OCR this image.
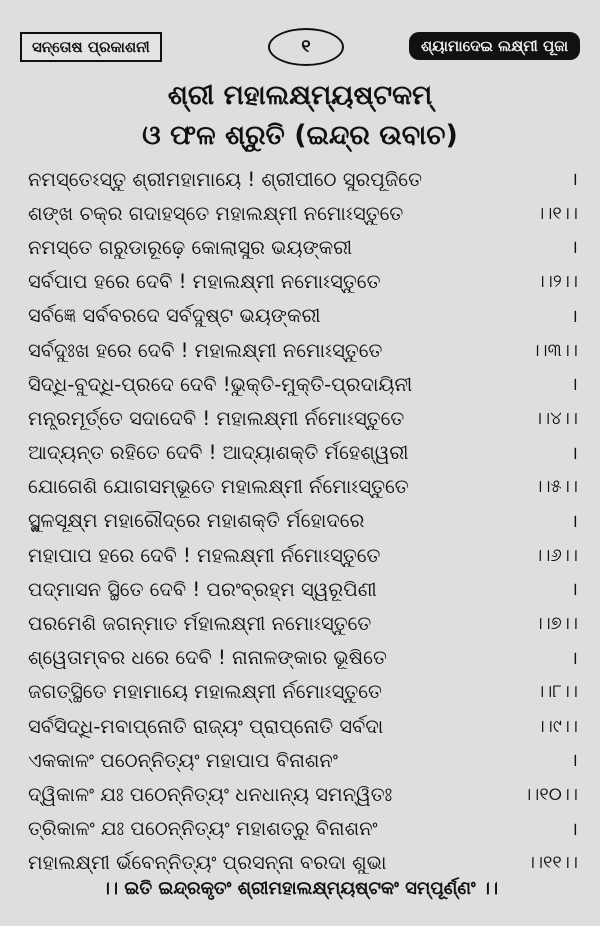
ସନ୍ତୋଷ ପ୍ରକାଶନୀ	୧	ଶ୍ୟାମାଦେଇ ଲକ୍ଷ୍ମୀ ପୂଜା
ଶ୍ରୀ ମହାଲକ୍ଷ୍ମ୍ୟଷ୍ଟକମ୍
ଓ ଫଳ ଶ୍ରୁତି (ଇନ୍ଦ୍ର ଉବାଚ)
ନମସ୍ତେଽସ୍ତୁ ଶ୍ରୀମହାମାୟେ ! ଶ୍ରୀପୀଠେ ସୁରପୂଜିତେ	।
ଶଙ୍ଖ ଚକ୍ର ଗଦାହସ୍ତେ ମହାଲକ୍ଷ୍ମୀ ନମୋଽସ୍ତୁତେ	।।୧।।
ନମସ୍ତେ ଗରୁଡାରୂଢ଼େ କୋଲାସୁର ଭୟଙ୍କରୀ	।
ସର୍ବପାପ ହରେ ଦେବି ! ମହାଲକ୍ଷ୍ମୀ ନମୋଽସ୍ତୁତେ	।।୨।।
ସର୍ବଜ୍ଞେ ସର୍ବବରଦେ ସର୍ବଦୁଷ୍ଟ ଭୟଙ୍କରୀ	।
ସର୍ବଦୁଃଖ ହରେ ଦେବି ! ମହାଲକ୍ଷ୍ମୀ ନମୋଽସ୍ତୁତେ	।।୩।।
ସିଦ୍ଧି-ବୁଦ୍ଧି-ପ୍ରଦେ ଦେବି !ଭୁକ୍ତି-ମୁକ୍ତି-ପ୍ରଦାୟିନୀ	।
ମନ୍ତ୍ରମୂର୍ତ୍ତେ ସଦାଦେବି ! ମହାଲକ୍ଷ୍ମୀ ର୍ନମୋଽସ୍ତୁତେ	।।୪।।
ଆଦ୍ୟନ୍ତ ରହିତେ ଦେବି ! ଆଦ୍ୟାଶକ୍ତି ର୍ମହେଶ୍ୱରୀ	।
ଯୋଗେଶି ଯୋଗସମ୍ଭୂତେ ମହାଲକ୍ଷ୍ମୀ ର୍ନମୋଽସ୍ତୁତେ	।।୫।।
ସ୍ଥୁଳସୂକ୍ଷ୍ମ ମହାରୌଦ୍ରେ ମହାଶକ୍ତି ର୍ମହୋଦରେ	।
ମହାପାପ ହରେ ଦେବି ! ମହଲକ୍ଷ୍ମୀ ର୍ନମୋଽସ୍ତୁତେ	।।୬।।
ପଦ୍ମାସନ ସ୍ଥିତେ ଦେବି ! ପରଂବ୍ରହ୍ମ ସ୍ୱରୂପିଣୀ	।
ପରମେଶି ଜଗନ୍ମାତ ର୍ମହାଲକ୍ଷ୍ମୀ ନମୋଽସ୍ତୁତେ	।।୭।।
ଶ୍ୱେତାମ୍ବର ଧରେ ଦେବି ! ନାନାଳଙ୍କାର ଭୂଷିତେ	।
ଜଗତ୍‌ସ୍ଥିତେ ମହାମାୟେ ମହାଲକ୍ଷ୍ମୀ ର୍ନମୋଽସ୍ତୁତେ	।।୮।।
ସର୍ବସିଦ୍ଧି-ମବାପ୍ନୋତି ରାଜ୍ୟଂ ପ୍ରାପ୍ନୋତି ସର୍ବଦା	।।୯।।
ଏକକାଳଂ ପଠେନ୍ନିତ୍ୟଂ ମହାପାପ ବିନାଶନଂ	।
ଦ୍ୱିକାଳଂ ଯଃ ପଠେନ୍ନିତ୍ୟଂ ଧନଧାନ୍ୟ ସମନ୍ୱିତଃ	।।୧୦।।
ତ୍ରିକାଳଂ ଯଃ ପଠେନ୍ନିତ୍ୟଂ ମହାଶତ୍ରୁ ବିନାଶନଂ	।
ମହାଲକ୍ଷ୍ମୀ ର୍ଭବେନ୍ନିତ୍ୟଂ ପ୍ରସନ୍ନା ବରଦା ଶୁଭା	।।୧୧।।
।। ଇତି ଇନ୍ଦ୍ରକୃତଂ ଶ୍ରୀମହାଲକ୍ଷ୍ମ୍ୟଷ୍ଟକଂ ସମ୍ପୂର୍ଣ୍ଣଂ ।।
